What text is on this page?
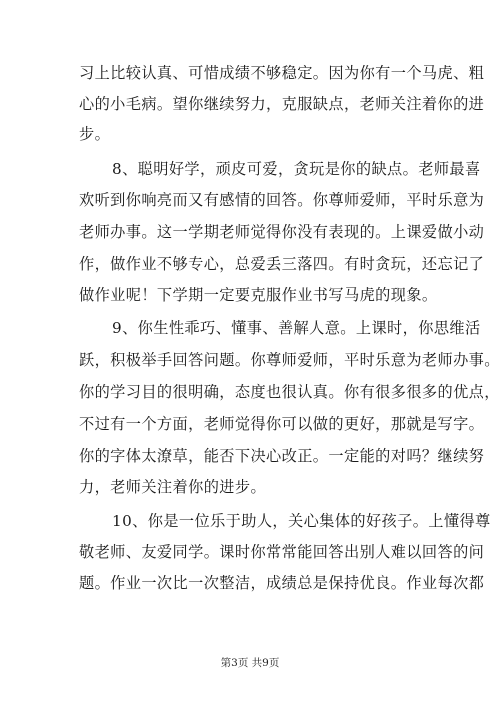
习上比较认真、可惜成绩不够稳定。因为你有一个马虎、粗
心的小毛病。望你继续努力，克服缺点，老师关注着你的进
步。
8、聪明好学，顽皮可爱，贪玩是你的缺点。老师最喜
欢听到你响亮而又有感情的回答。你尊师爱师，平时乐意为
老师办事。这一学期老师觉得你没有表现的。上课爱做小动
作，做作业不够专心，总爱丢三落四。有时贪玩，还忘记了
做作业呢！下学期一定要克服作业书写马虎的现象。
9、你生性乖巧、懂事、善解人意。上课时，你思维活
跃，积极举手回答问题。你尊师爱师，平时乐意为老师办事。
你的学习目的很明确，态度也很认真。你有很多很多的优点，
不过有一个方面，老师觉得你可以做的更好，那就是写字。
你的字体太潦草，能否下决心改正。一定能的对吗？继续努
力，老师关注着你的进步。
10、你是一位乐于助人，关心集体的好孩子。上懂得尊
敬老师、友爱同学。课时你常常能回答出别人难以回答的问
题。作业一次比一次整洁，成绩总是保持优良。作业每次都
第3页 共9页
